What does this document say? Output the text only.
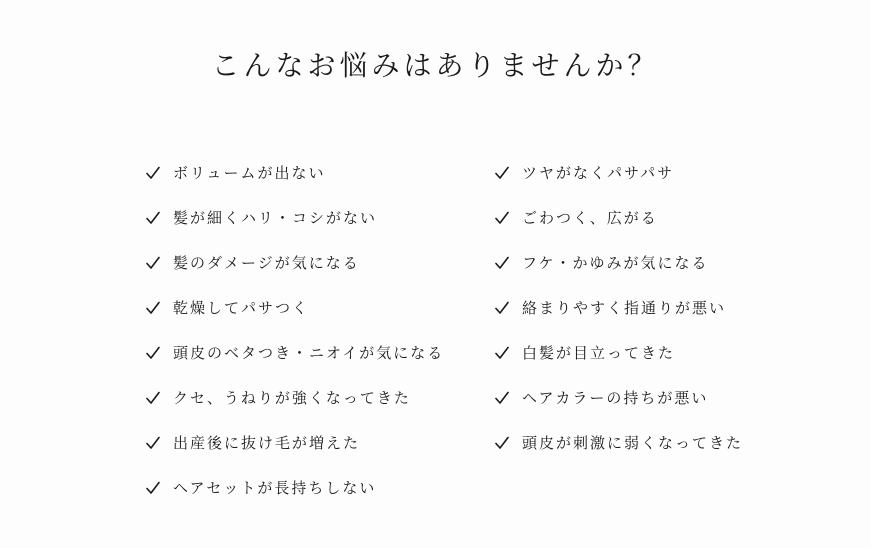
こんなお悩みはありませんか？
ボリュームが出ない
髪が細くハリ・コシがない
髪のダメージが気になる
乾燥してパサつく
頭皮のベタつき・ニオイが気になる
クセ、うねりが強くなってきた
出産後に抜け毛が増えた
ヘアセットが長持ちしない
ツヤがなくパサパサ
ごわつく、広がる
フケ・かゆみが気になる
絡まりやすく指通りが悪い
白髪が目立ってきた
ヘアカラーの持ちが悪い
頭皮が刺激に弱くなってきた
